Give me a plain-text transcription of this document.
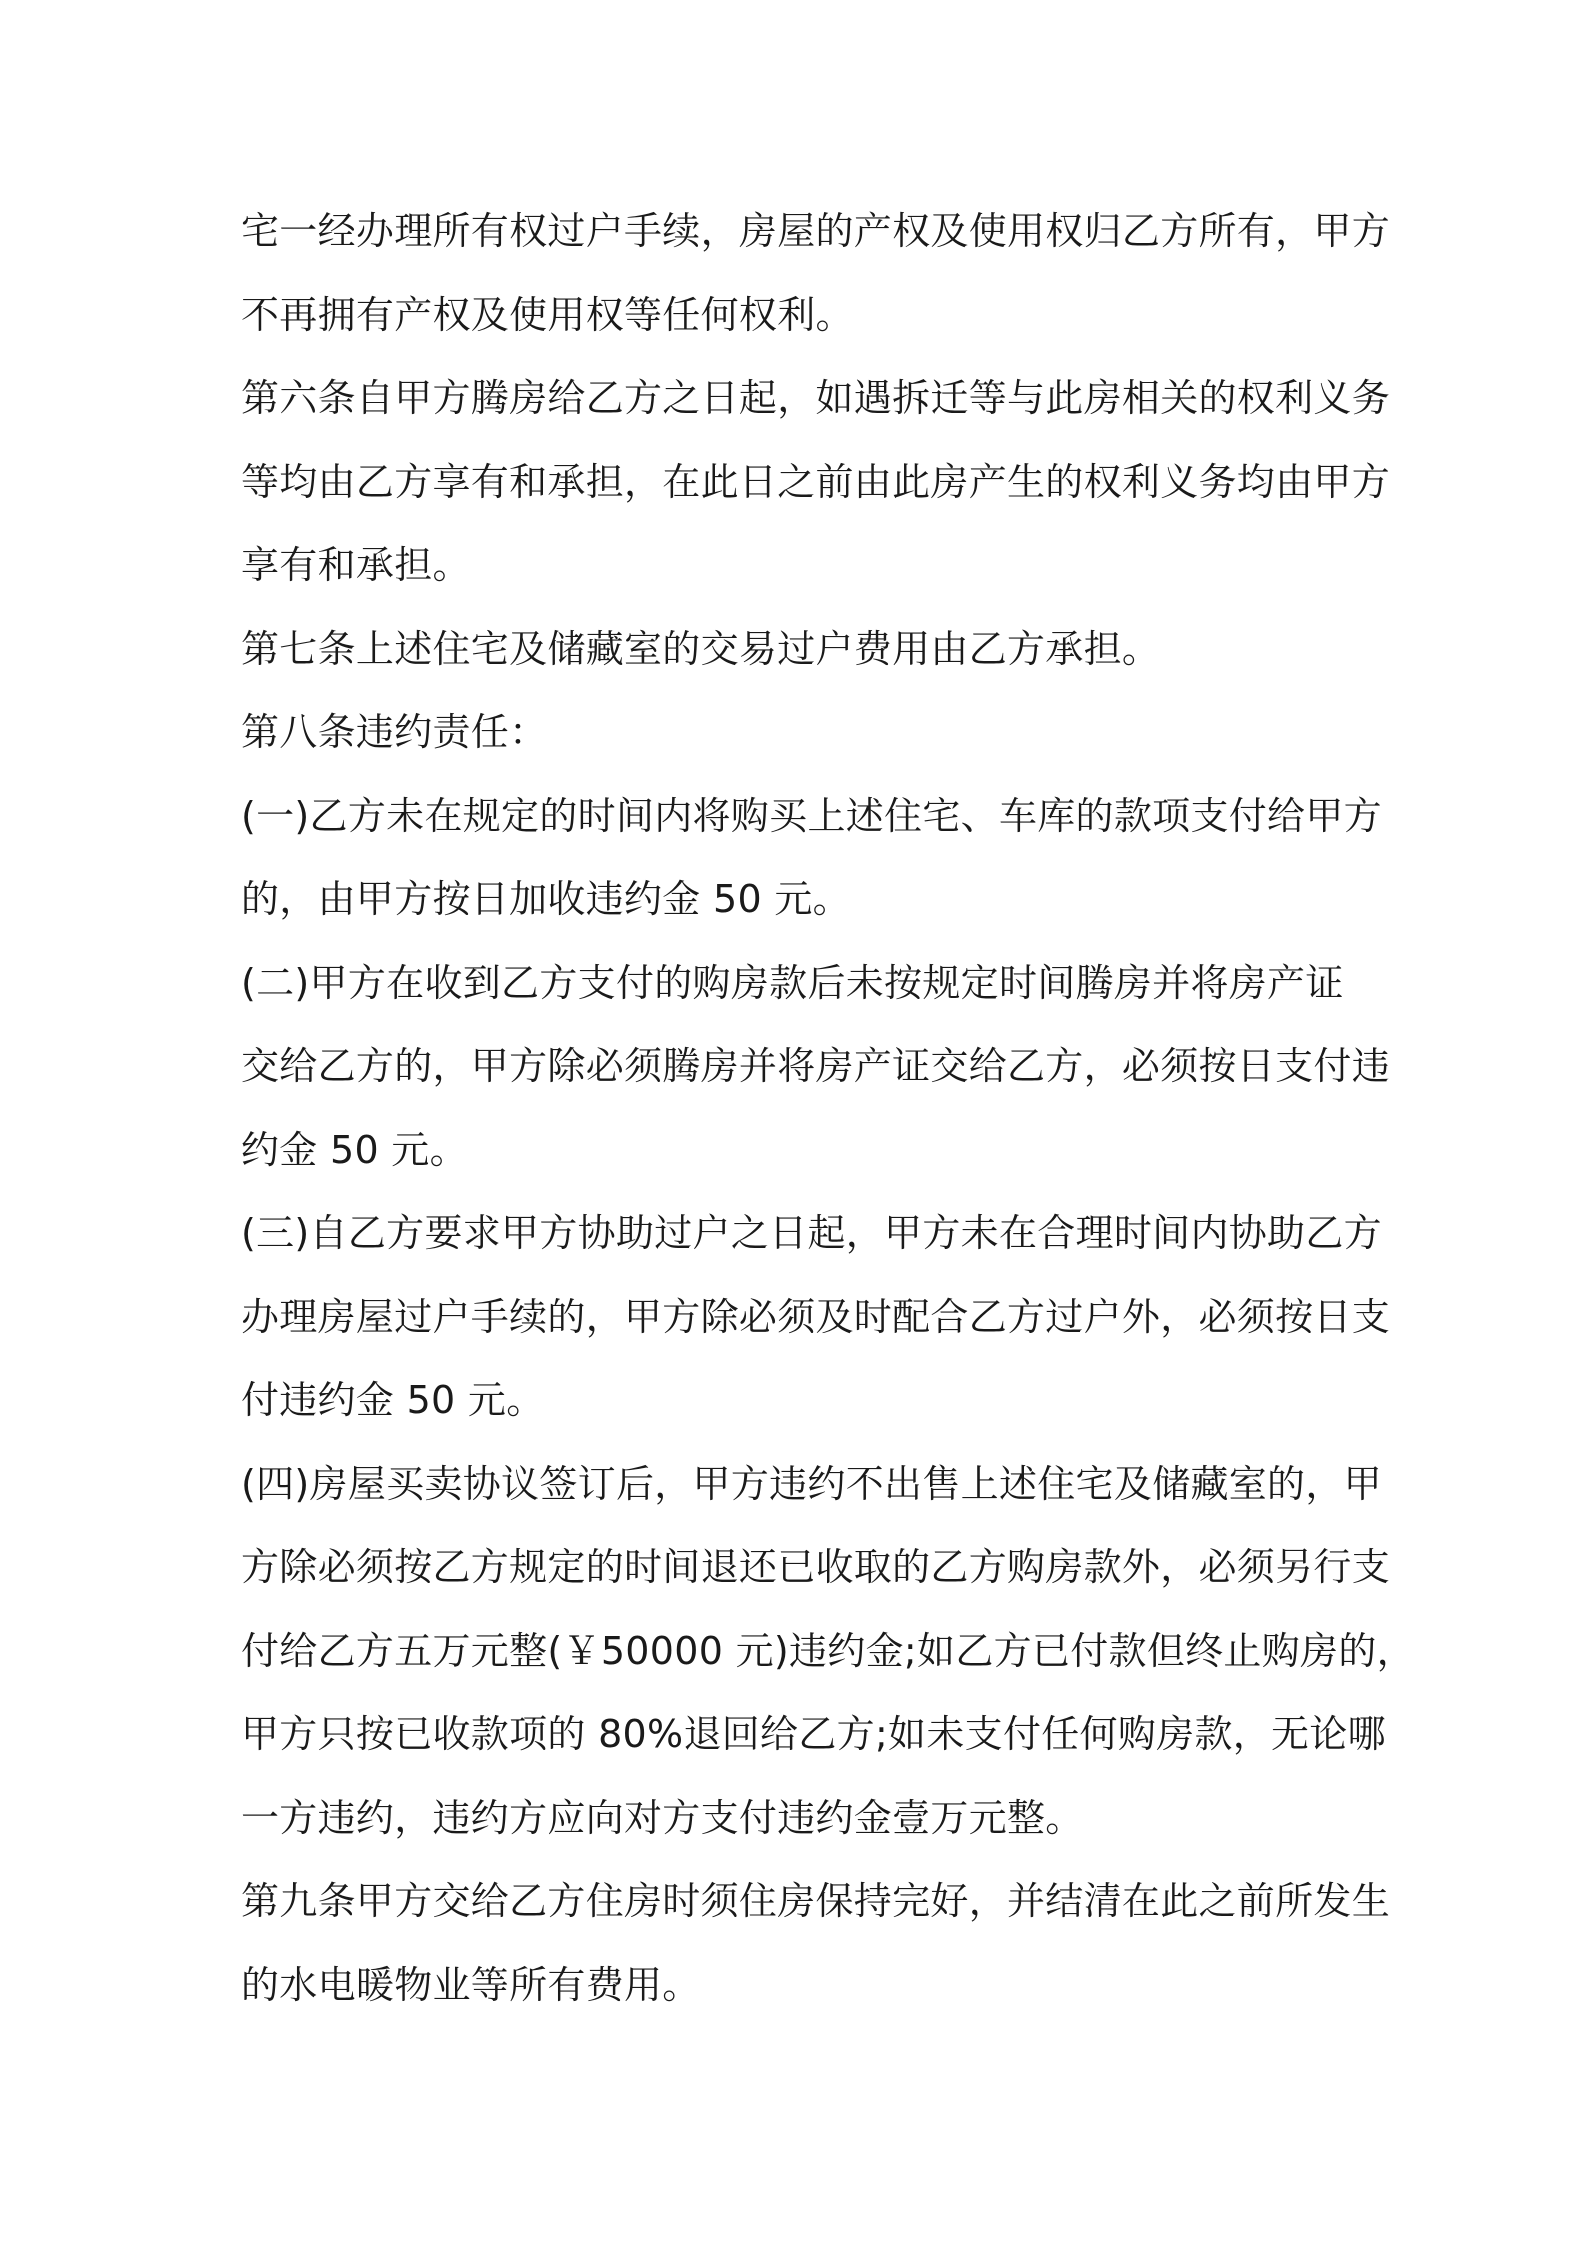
宅一经办理所有权过户手续，房屋的产权及使用权归乙方所有，甲方
不再拥有产权及使用权等任何权利。
第六条自甲方腾房给乙方之日起，如遇拆迁等与此房相关的权利义务
等均由乙方享有和承担，在此日之前由此房产生的权利义务均由甲方
享有和承担。
第七条上述住宅及储藏室的交易过户费用由乙方承担。
第八条违约责任：
(一)乙方未在规定的时间内将购买上述住宅、车库的款项支付给甲方
的，由甲方按日加收违约金 50 元。
(二)甲方在收到乙方支付的购房款后未按规定时间腾房并将房产证
交给乙方的，甲方除必须腾房并将房产证交给乙方，必须按日支付违
约金 50 元。
(三)自乙方要求甲方协助过户之日起，甲方未在合理时间内协助乙方
办理房屋过户手续的，甲方除必须及时配合乙方过户外，必须按日支
付违约金 50 元。
(四)房屋买卖协议签订后，甲方违约不出售上述住宅及储藏室的，甲
方除必须按乙方规定的时间退还已收取的乙方购房款外，必须另行支
付给乙方五万元整(￥50000 元)违约金;如乙方已付款但终止购房的，
甲方只按已收款项的 80%退回给乙方;如未支付任何购房款，无论哪
一方违约，违约方应向对方支付违约金壹万元整。
第九条甲方交给乙方住房时须住房保持完好，并结清在此之前所发生
的水电暖物业等所有费用。
